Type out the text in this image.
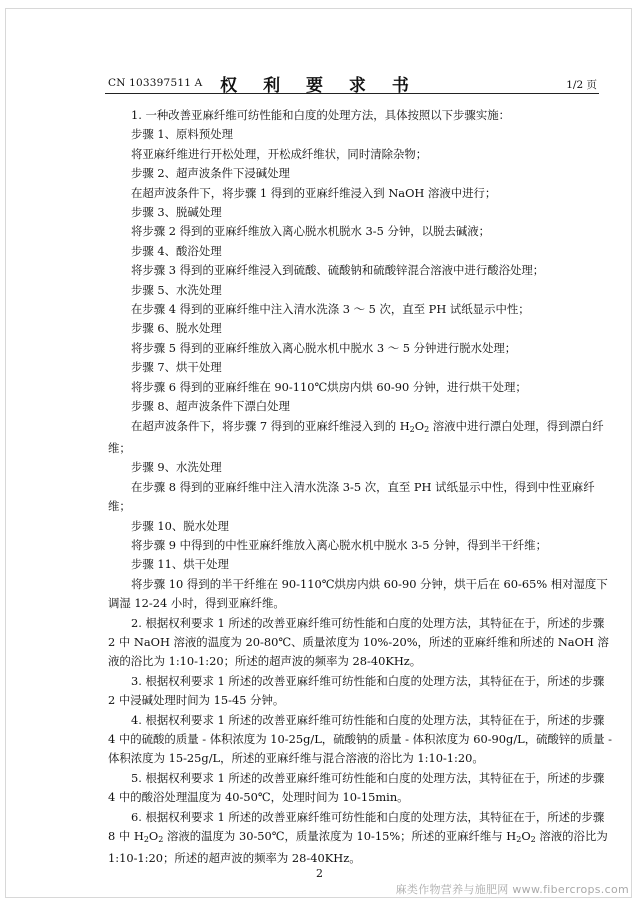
CN 103397511 A	权 利 要 求 书	1/2 页

1. 一种改善亚麻纤维可纺性能和白度的处理方法，具体按照以下步骤实施：

步骤 1、原料预处理

将亚麻纤维进行开松处理，开松成纤维状，同时清除杂物；

步骤 2、超声波条件下浸碱处理

在超声波条件下，将步骤 1 得到的亚麻纤维浸入到 NaOH 溶液中进行；

步骤 3、脱碱处理

将步骤 2 得到的亚麻纤维放入离心脱水机脱水 3-5 分钟，以脱去碱液；

步骤 4、酸浴处理

将步骤 3 得到的亚麻纤维浸入到硫酸、硫酸钠和硫酸锌混合溶液中进行酸浴处理；

步骤 5、水洗处理

在步骤 4 得到的亚麻纤维中注入清水洗涤 3 ～ 5 次，直至 PH 试纸显示中性；

步骤 6、脱水处理

将步骤 5 得到的亚麻纤维放入离心脱水机中脱水 3 ～ 5 分钟进行脱水处理；

步骤 7、烘干处理

将步骤 6 得到的亚麻纤维在 90-110℃烘房内烘 60-90 分钟，进行烘干处理；

步骤 8、超声波条件下漂白处理

在超声波条件下，将步骤 7 得到的亚麻纤维浸入到的 $H_2O_2$ 溶液中进行漂白处理，得到漂白纤维；

步骤 9、水洗处理

在步骤 8 得到的亚麻纤维中注入清水洗涤 3-5 次，直至 PH 试纸显示中性，得到中性亚麻纤维；

步骤 10、脱水处理

将步骤 9 中得到的中性亚麻纤维放入离心脱水机中脱水 3-5 分钟，得到半干纤维；

步骤 11、烘干处理

将步骤 10 得到的半干纤维在 90-110℃烘房内烘 60-90 分钟，烘干后在 60-65% 相对湿度下调湿 12-24 小时，得到亚麻纤维。

2. 根据权利要求 1 所述的改善亚麻纤维可纺性能和白度的处理方法，其特征在于，所述的步骤 2 中 NaOH 溶液的温度为 20-80℃、质量浓度为 10%-20%，所述的亚麻纤维和所述的 NaOH 溶液的浴比为 1:10-1:20；所述的超声波的频率为 28-40KHz。

3. 根据权利要求 1 所述的改善亚麻纤维可纺性能和白度的处理方法，其特征在于，所述的步骤 2 中浸碱处理时间为 15-45 分钟。

4. 根据权利要求 1 所述的改善亚麻纤维可纺性能和白度的处理方法，其特征在于，所述的步骤 4 中的硫酸的质量 - 体积浓度为 10-25g/L，硫酸钠的质量 - 体积浓度为 60-90g/L，硫酸锌的质量 - 体积浓度为 15-25g/L，所述的亚麻纤维与混合溶液的浴比为 1:10-1:20。

5. 根据权利要求 1 所述的改善亚麻纤维可纺性能和白度的处理方法，其特征在于，所述的步骤 4 中的酸浴处理温度为 40-50℃，处理时间为 10-15min。

6. 根据权利要求 1 所述的改善亚麻纤维可纺性能和白度的处理方法，其特征在于，所述的步骤 8 中 $H_2O_2$ 溶液的温度为 30-50℃，质量浓度为 10-15%；所述的亚麻纤维与 $H_2O_2$ 溶液的浴比为 1:10-1:20；所述的超声波的频率为 28-40KHz。

2
麻类作物营养与施肥网 www.fibercrops.com
